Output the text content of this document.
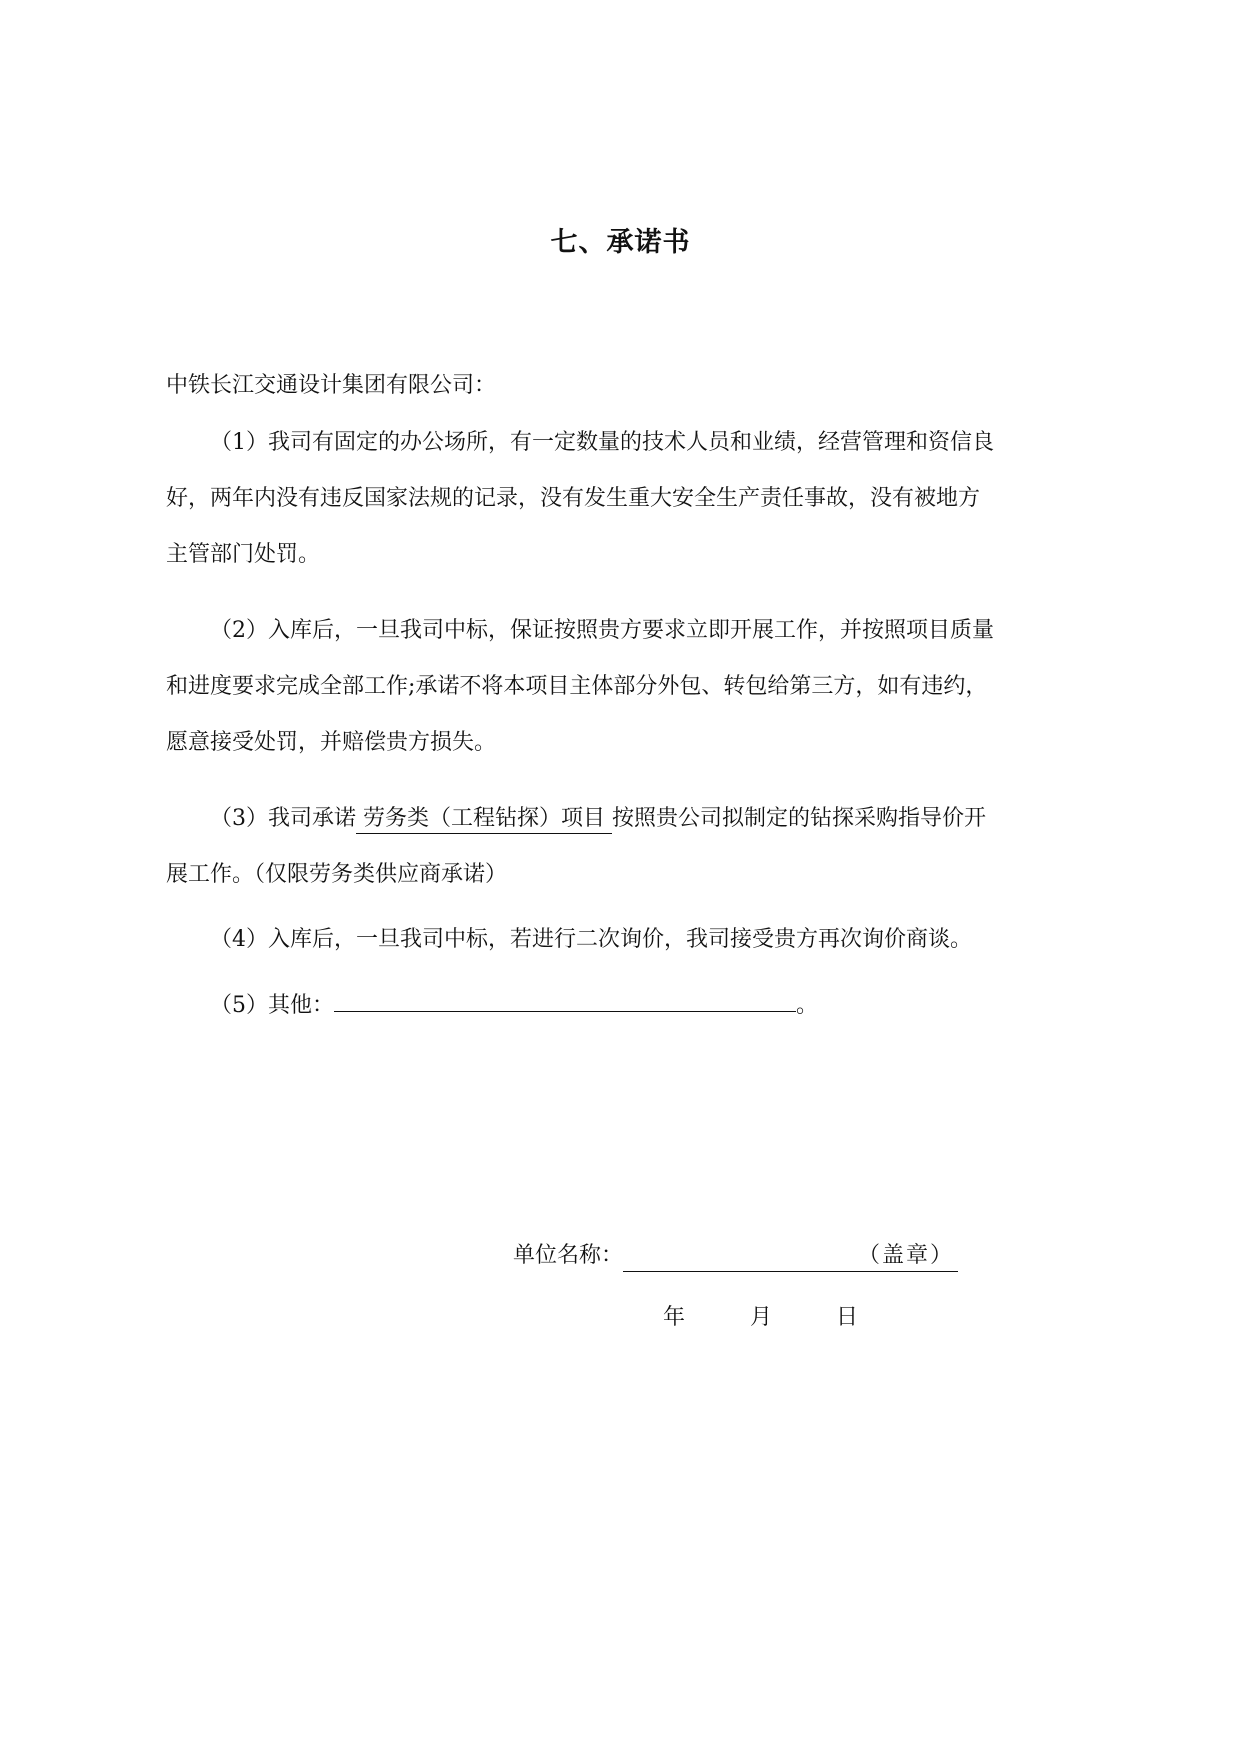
七、承诺书
中铁长江交通设计集团有限公司：
（1）我司有固定的办公场所，有一定数量的技术人员和业绩，经营管理和资信良
好，两年内没有违反国家法规的记录，没有发生重大安全生产责任事故，没有被地方
主管部门处罚。
（2）入库后，一旦我司中标，保证按照贵方要求立即开展工作，并按照项目质量
和进度要求完成全部工作;承诺不将本项目主体部分外包、转包给第三方，如有违约，
愿意接受处罚，并赔偿贵方损失。
（3）我司承诺 劳务类（工程钻探）项目 按照贵公司拟制定的钻探采购指导价开
展工作。（仅限劳务类供应商承诺）
（4）入库后，一旦我司中标，若进行二次询价，我司接受贵方再次询价商谈。
（5）其他：	。
单位名称：	（盖章）
年	月	日
